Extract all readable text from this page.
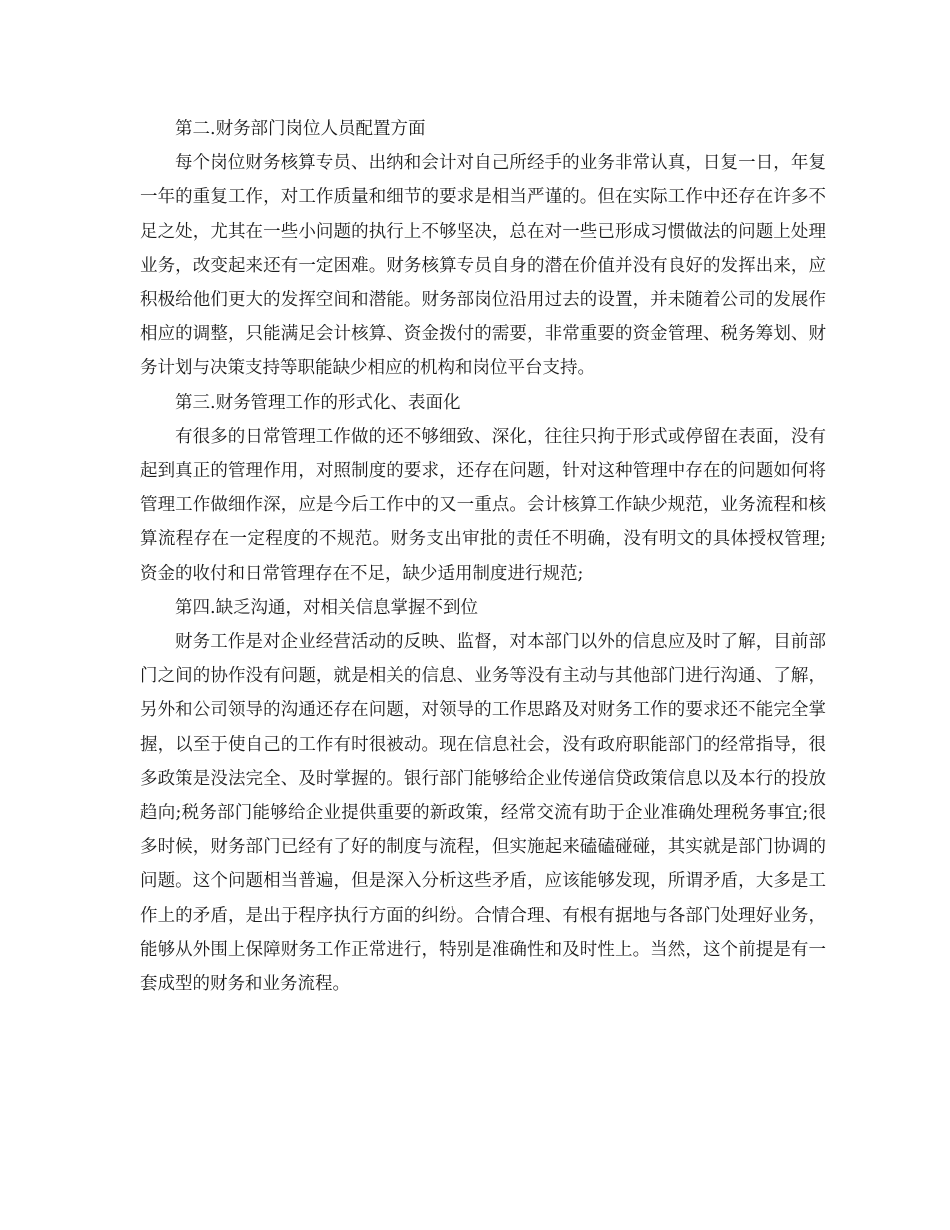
第二.财务部门岗位人员配置方面

每个岗位财务核算专员、出纳和会计对自己所经手的业务非常认真，日复一日，年复一年的重复工作，对工作质量和细节的要求是相当严谨的。但在实际工作中还存在许多不足之处，尤其在一些小问题的执行上不够坚决，总在对一些已形成习惯做法的问题上处理业务，改变起来还有一定困难。财务核算专员自身的潜在价值并没有良好的发挥出来，应积极给他们更大的发挥空间和潜能。财务部岗位沿用过去的设置，并未随着公司的发展作相应的调整，只能满足会计核算、资金拨付的需要，非常重要的资金管理、税务筹划、财务计划与决策支持等职能缺少相应的机构和岗位平台支持。

第三.财务管理工作的形式化、表面化

有很多的日常管理工作做的还不够细致、深化，往往只拘于形式或停留在表面，没有起到真正的管理作用，对照制度的要求，还存在问题，针对这种管理中存在的问题如何将管理工作做细作深，应是今后工作中的又一重点。会计核算工作缺少规范，业务流程和核算流程存在一定程度的不规范。财务支出审批的责任不明确，没有明文的具体授权管理;资金的收付和日常管理存在不足，缺少适用制度进行规范;

第四.缺乏沟通，对相关信息掌握不到位

财务工作是对企业经营活动的反映、监督，对本部门以外的信息应及时了解，目前部门之间的协作没有问题，就是相关的信息、业务等没有主动与其他部门进行沟通、了解，另外和公司领导的沟通还存在问题，对领导的工作思路及对财务工作的要求还不能完全掌握，以至于使自己的工作有时很被动。现在信息社会，没有政府职能部门的经常指导，很多政策是没法完全、及时掌握的。银行部门能够给企业传递信贷政策信息以及本行的投放趋向;税务部门能够给企业提供重要的新政策，经常交流有助于企业准确处理税务事宜;很多时候，财务部门已经有了好的制度与流程，但实施起来磕磕碰碰，其实就是部门协调的问题。这个问题相当普遍，但是深入分析这些矛盾，应该能够发现，所谓矛盾，大多是工作上的矛盾，是出于程序执行方面的纠纷。合情合理、有根有据地与各部门处理好业务，能够从外围上保障财务工作正常进行，特别是准确性和及时性上。当然，这个前提是有一套成型的财务和业务流程。
